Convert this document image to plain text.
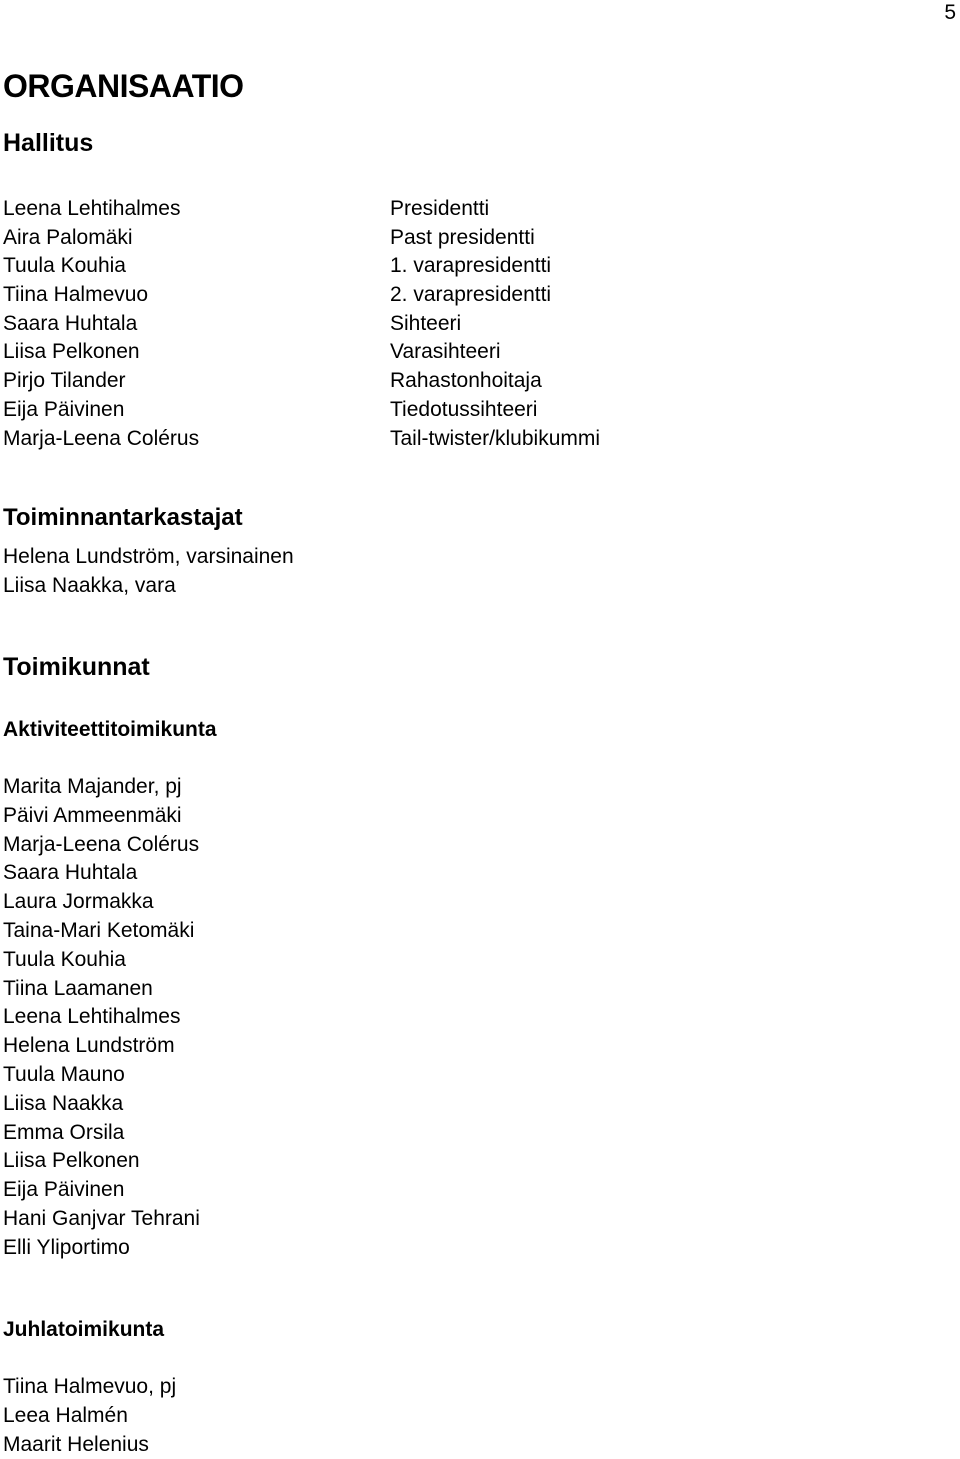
5
ORGANISAATIO
Hallitus
Leena Lehtihalmes	Presidentti
Aira Palomäki	Past presidentti
Tuula Kouhia	1. varapresidentti
Tiina Halmevuo	2. varapresidentti
Saara Huhtala	Sihteeri
Liisa Pelkonen	Varasihteeri
Pirjo Tilander	Rahastonhoitaja
Eija Päivinen	Tiedotussihteeri
Marja-Leena Colérus	Tail-twister/klubikummi
Toiminnantarkastajat
Helena Lundström, varsinainen
Liisa Naakka, vara
Toimikunnat
Aktiviteettitoimikunta
Marita Majander, pj
Päivi Ammeenmäki
Marja-Leena Colérus
Saara Huhtala
Laura Jormakka
Taina-Mari Ketomäki
Tuula Kouhia
Tiina Laamanen
Leena Lehtihalmes
Helena Lundström
Tuula Mauno
Liisa Naakka
Emma Orsila
Liisa Pelkonen
Eija Päivinen
Hani Ganjvar Tehrani
Elli Yliportimo
Juhlatoimikunta
Tiina Halmevuo, pj
Leea Halmén
Maarit Helenius
